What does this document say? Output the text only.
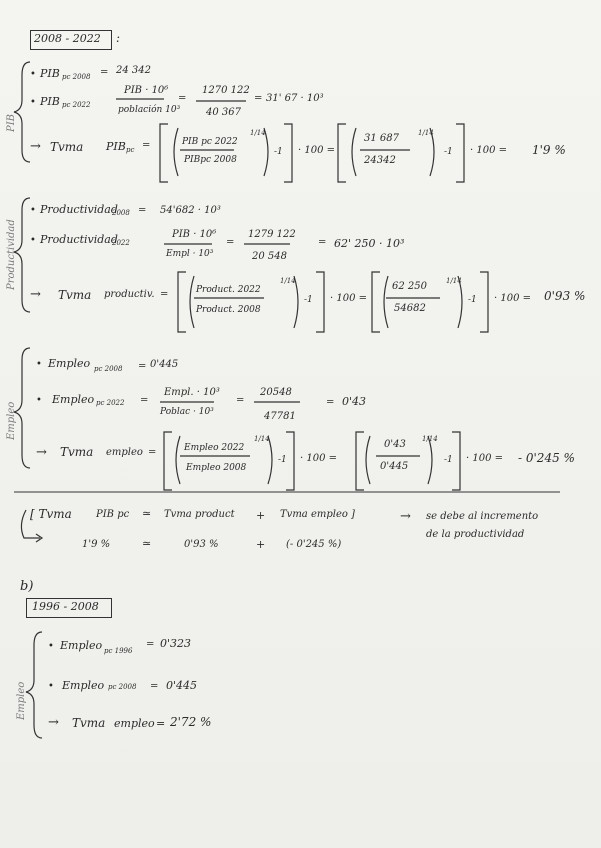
2008 - 2022 :
PIB
• PIB pc 2008 = 24 342
• PIB pc 2022
PIB · 10⁶
población 10³
=
1270 122
40 367
= 31' 67 · 10³
→ Tvma PIB pc =	PIB pc 2022
PIBpc 2008
1/14
-1 · 100 =
31 687
24342
1/14
-1 · 100 = 1'9 %
Productividad
• Productividad
2008 = 54'682 · 10³
• Productividad
2022
PIB · 10⁶
Empl · 10³
=
1279 122
20 548
= 62' 250 · 10³
→ Tvma productiv. =	Product. 2022
Product. 2008
1/14
-1 · 100 =
62 250
54682
1/14
-1 · 100 = 0'93 %
Empleo
• Empleo pc 2008 = 0'445
• Empleo pc 2022 =
Empl. · 10³
Poblac · 10³
=
20548
47781
= 0'43
→ Tvma empleo =	Empleo 2022
Empleo 2008
1/14
-1 · 100 =
0'43
0'445
1/14
-1 · 100 = - 0'245 %
[ Tvma PIB pc ≃ Tvma product + Tvma empleo ]	→ se debe al incremento
de la productividad
1'9 %	≃	0'93 %	+ (- 0'245 %)
b)
1996 - 2008
Empleo
• Empleo pc 1996
= 0'323
• Empleo pc 2008 = 0'445
→ Tvma empleo = 2'72 %
